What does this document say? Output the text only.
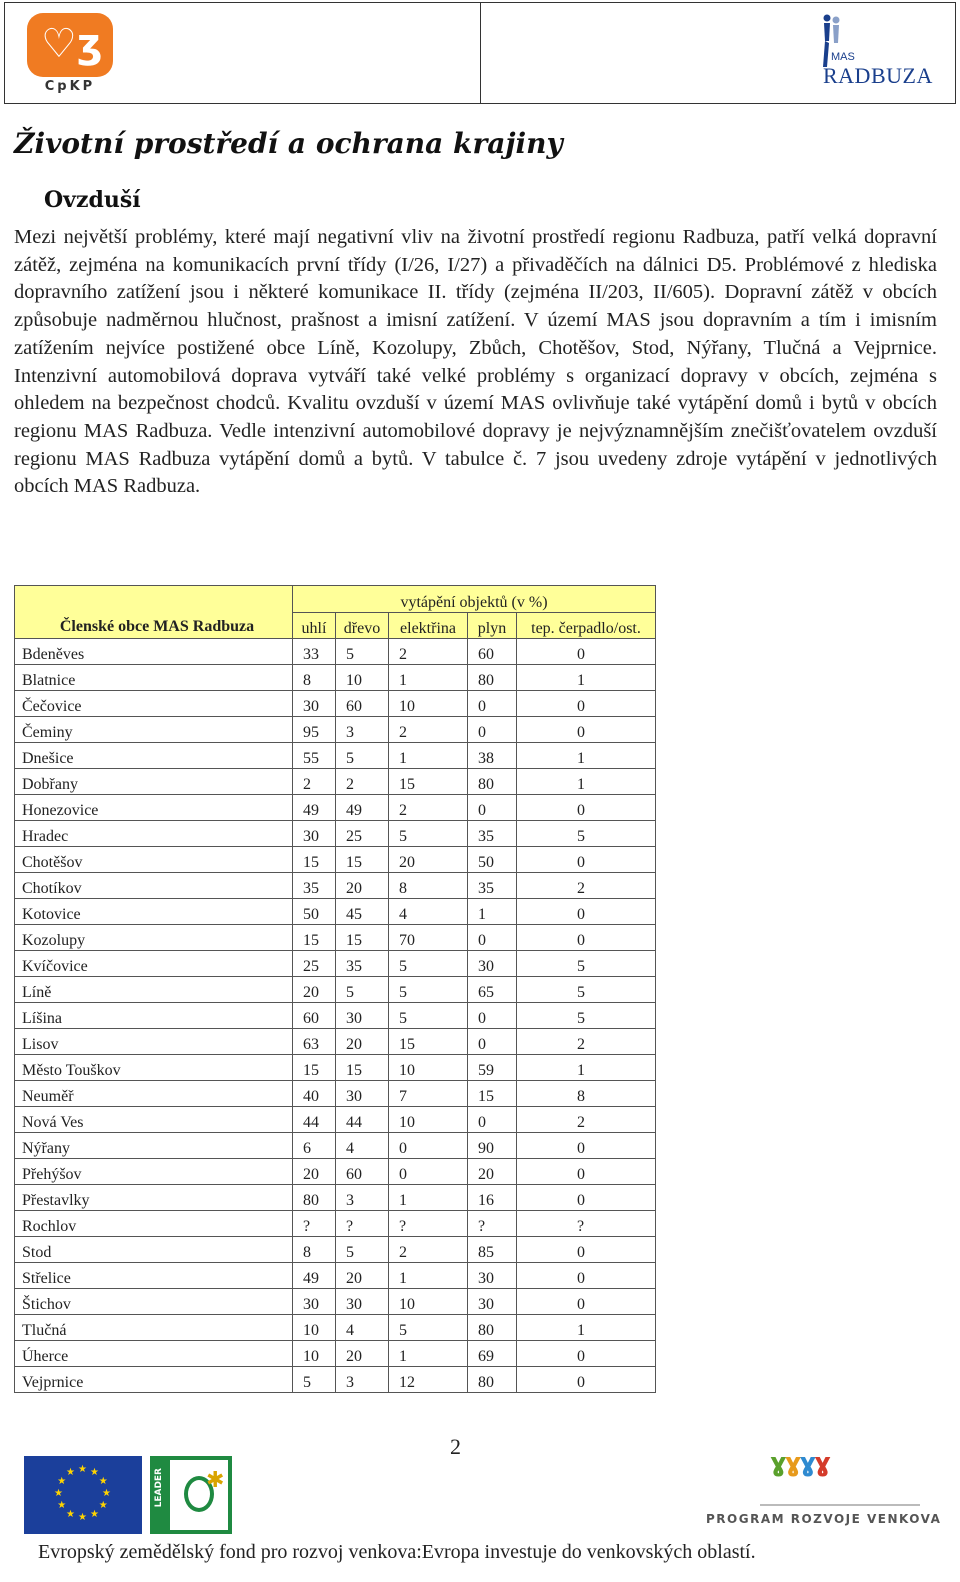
♡ʒ
CpKP
MAS
RADBUZA
Životní prostředí a ochrana krajiny
Ovzduší

Mezi největší problémy, které mají negativní vliv na životní prostředí regionu Radbuza, patří velká dopravní zátěž, zejména na komunikacích první třídy (I/26, I/27) a přivaděčích na dálnici D5. Problémové z hlediska dopravního zatížení jsou i některé komunikace II. třídy (zejména II/203, II/605). Dopravní zátěž v obcích způsobuje nadměrnou hlučnost, prašnost a imisní zatížení. V území MAS jsou dopravním a tím i imisním zatížením nejvíce postižené obce Líně, Kozolupy, Zbůch, Chotěšov, Stod, Nýřany, Tlučná a Vejprnice. Intenzivní automobilová doprava vytváří také velké problémy s organizací dopravy v obcích, zejména s ohledem na bezpečnost chodců. Kvalitu ovzduší v území MAS ovlivňuje také vytápění domů i bytů v obcích regionu MAS Radbuza. Vedle intenzivní automobilové dopravy je nejvýznamnějším znečišťovatelem ovzduší regionu MAS Radbuza vytápění domů a bytů. V tabulce č. 7 jsou uvedeny zdroje vytápění v jednotlivých obcích MAS Radbuza.

Členské obce MAS Radbuza	vytápění objektů (v %)				
	uhlí	dřevo	elektřina	plyn	tep. čerpadlo/ost.
Bdeněves	33	5	2	60	0
Blatnice	8	10	1	80	1
Čečovice	30	60	10	0	0
Čeminy	95	3	2	0	0
Dnešice	55	5	1	38	1
Dobřany	2	2	15	80	1
Honezovice	49	49	2	0	0
Hradec	30	25	5	35	5
Chotěšov	15	15	20	50	0
Chotíkov	35	20	8	35	2
Kotovice	50	45	4	1	0
Kozolupy	15	15	70	0	0
Kvíčovice	25	35	5	30	5
Líně	20	5	5	65	5
Líšina	60	30	5	0	5
Lisov	63	20	15	0	2
Město Touškov	15	15	10	59	1
Neuměř	40	30	7	15	8
Nová Ves	44	44	10	0	2
Nýřany	6	4	0	90	0
Přehýšov	20	60	0	20	0
Přestavlky	80	3	1	16	0
Rochlov	?	?	?	?	?
Stod	8	5	2	85	0
Střelice	49	20	1	30	0
Štichov	30	30	10	30	0
Tlučná	10	4	5	80	1
Úherce	10	20	1	69	0
Vejprnice	5	3	12	80	0
2
★
★
★
★
★
★
★
★
★ ★ ★
★	LEADER ✱
ɣɣɣɣ
PROGRAM ROZVOJE VENKOVA
Evropský zemědělský fond pro rozvoj venkova:Evropa investuje do venkovských oblastí.
